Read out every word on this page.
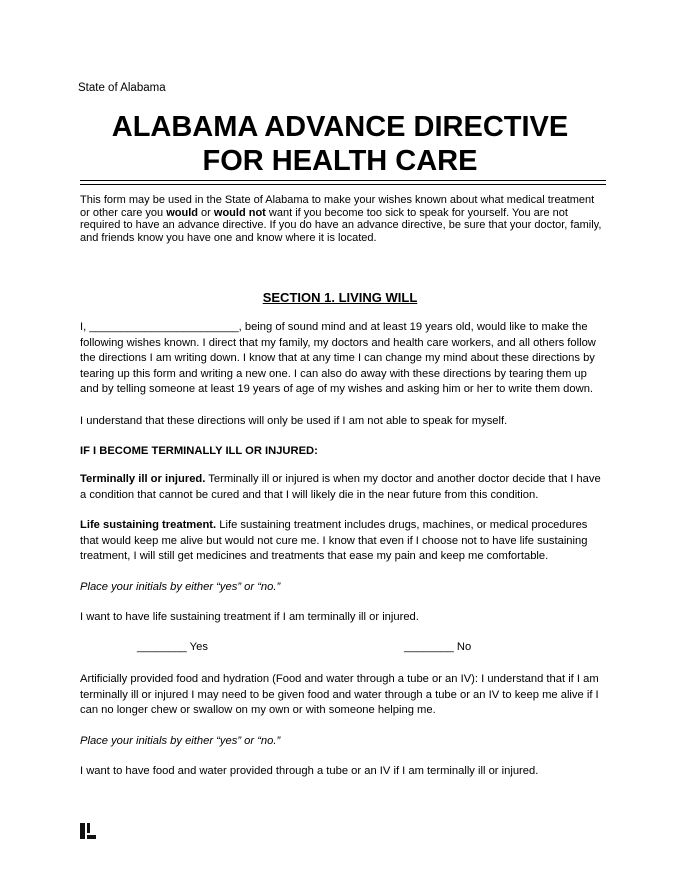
State of Alabama
ALABAMA ADVANCE DIRECTIVE
FOR HEALTH CARE
This form may be used in the State of Alabama to make your wishes known about what medical treatment or other care you would or would not want if you become too sick to speak for yourself. You are not required to have an advance directive. If you do have an advance directive, be sure that your doctor, family, and friends know you have one and know where it is located.
SECTION 1. LIVING WILL
I, ________________________, being of sound mind and at least 19 years old, would like to make the following wishes known. I direct that my family, my doctors and health care workers, and all others follow the directions I am writing down. I know that at any time I can change my mind about these directions by tearing up this form and writing a new one. I can also do away with these directions by tearing them up and by telling someone at least 19 years of age of my wishes and asking him or her to write them down.
I understand that these directions will only be used if I am not able to speak for myself.
IF I BECOME TERMINALLY ILL OR INJURED:
Terminally ill or injured. Terminally ill or injured is when my doctor and another doctor decide that I have a condition that cannot be cured and that I will likely die in the near future from this condition.
Life sustaining treatment. Life sustaining treatment includes drugs, machines, or medical procedures that would keep me alive but would not cure me. I know that even if I choose not to have life sustaining treatment, I will still get medicines and treatments that ease my pain and keep me comfortable.
Place your initials by either “yes” or “no.”
I want to have life sustaining treatment if I am terminally ill or injured.
________ Yes	________ No
Artificially provided food and hydration (Food and water through a tube or an IV): I understand that if I am terminally ill or injured I may need to be given food and water through a tube or an IV to keep me alive if I can no longer chew or swallow on my own or with someone helping me.
Place your initials by either “yes” or “no.”
I want to have food and water provided through a tube or an IV if I am terminally ill or injured.
